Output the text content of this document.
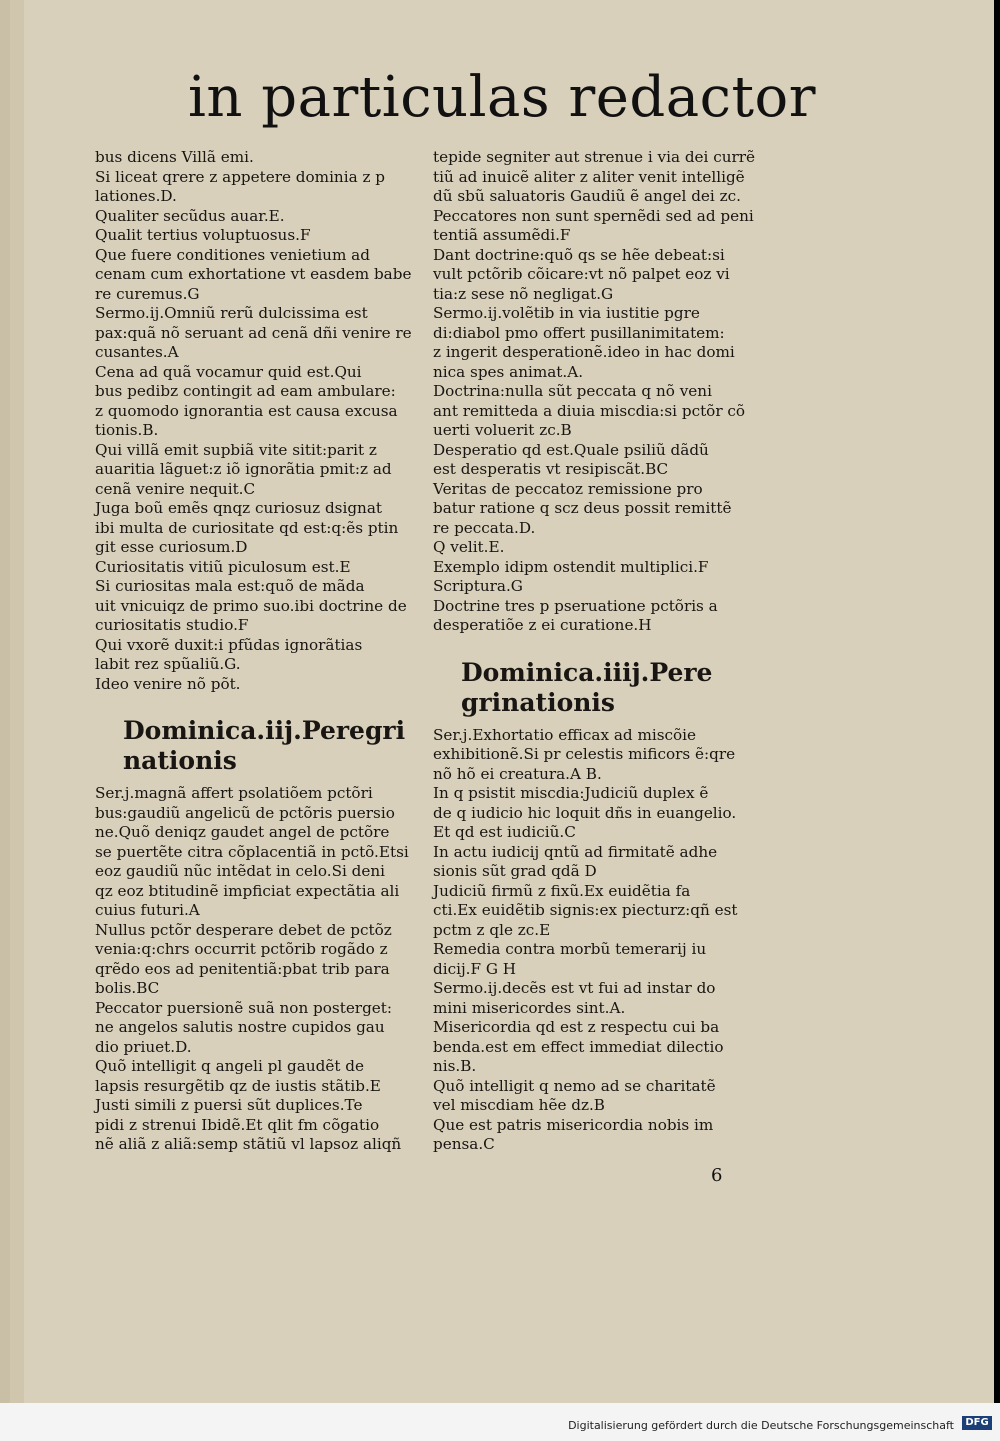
in particulas redactor
bus dicens Villã emi.
Si liceat qrere z appetere dominia z p
lationes.D.
Qualiter secũdus auar.E.
Qualit tertius voluptuosus.F
Que fuere conditiones venietium ad
cenam cum exhortatione vt easdem babe
re curemus.G
Sermo.ij.Omniũ rerũ dulcissima est
pax:quã nõ seruant ad cenã dñi venire re
cusantes.A
Cena ad quã vocamur quid est.Qui
bus pedibz contingit ad eam ambulare:
z quomodo ignorantia est causa excusa
tionis.B.
Qui villã emit supbiã vite sitit:parit z
auaritia lãguet:z iõ ignorãtia pmit:z ad
cenã venire nequit.C
Juga boũ emẽs qnqz curiosuz dsignat
ibi multa de curiositate qd est:q:ẽs ptin
git esse curiosum.D
Curiositatis vitiũ piculosum est.E
Si curiositas mala est:quõ de mãda
uit vnicuiqz de primo suo.ibi doctrine de
curiositatis studio.F
Qui vxorẽ duxit:i pfũdas ignorãtias
labit rez spũaliũ.G.
Ideo venire nõ põt.
Dominica.iij.Peregri nationis
Ser.j.magnã affert psolatiõem pctõri
bus:gaudiũ angelicũ de pctõris puersio
ne.Quõ deniqz gaudet angel de pctõre
se puertẽte citra cõplacentiã in pctõ.Etsi
eoz gaudiũ nũc intẽdat in celo.Si deni
qz eoz btitudinẽ impficiat expectãtia ali
cuius futuri.A
Nullus pctõr desperare debet de pctõz
venia:q:chrs occurrit pctõrib rogãdo z
qrẽdo eos ad penitentiã:pbat trib para
bolis.BC
Peccator puersionẽ suã non posterget:
ne angelos salutis nostre cupidos gau
dio priuet.D.
Quõ intelligit q angeli pl gaudẽt de
lapsis resurgẽtib qz de iustis stãtib.E
Justi simili z puersi sũt duplices.Te
pidi z strenui Ibidẽ.Et qlit fm cõgatio
nẽ aliã z aliã:semp stãtiũ vl lapsoz aliqñ
tepide segniter aut strenue i via dei currẽ
tiũ ad inuicẽ aliter z aliter venit intelligẽ
dũ sbũ saluatoris Gaudiũ ẽ angel dei zc.
Peccatores non sunt spernẽdi sed ad peni
tentiã assumẽdi.F
Dant doctrine:quõ qs se hẽe debeat:si
vult pctõrib cõicare:vt nõ palpet eoz vi
tia:z sese nõ negligat.G
Sermo.ij.volẽtib in via iustitie pgre
di:diabol pmo offert pusillanimitatem:
z ingerit desperationẽ.ideo in hac domi
nica spes animat.A.
Doctrina:nulla sũt peccata q nõ veni
ant remitteda a diuia miscdia:si pctõr cõ
uerti voluerit zc.B
Desperatio qd est.Quale psiliũ dãdũ
est desperatis vt resipiscãt.BC
Veritas de peccatoz remissione pro
batur ratione q scz deus possit remittẽ
re peccata.D.
Q velit.E.
Exemplo idipm ostendit multiplici.F
Scriptura.G
Doctrine tres p pseruatione pctõris a
desperatiõe z ei curatione.H
Dominica.iiij.Pere grinationis
Ser.j.Exhortatio efficax ad miscõie
exhibitionẽ.Si pr celestis mificors ẽ:qre
nõ hõ ei creatura.A B.
In q psistit miscdia:Judiciũ duplex ẽ
de q iudicio hic loquit dñs in euangelio.
Et qd est iudiciũ.C
In actu iudicij qntũ ad firmitatẽ adhe
sionis sũt grad qdã D
Judiciũ firmũ z fixũ.Ex euidẽtia fa
cti.Ex euidẽtib signis:ex piecturz:qñ est
pctm z qle zc.E
Remedia contra morbũ temerarij iu
dicij.F G H
Sermo.ij.decẽs est vt fui ad instar do
mini misericordes sint.A.
Misericordia qd est z respectu cui ba
benda.est em effect immediat dilectio
nis.B.
Quõ intelligit q nemo ad se charitatẽ
vel miscdiam hẽe dz.B
Que est patris misericordia nobis im
pensa.C
6
Digitalisierung gefördert durch die Deutsche Forschungsgemeinschaft	DFG
